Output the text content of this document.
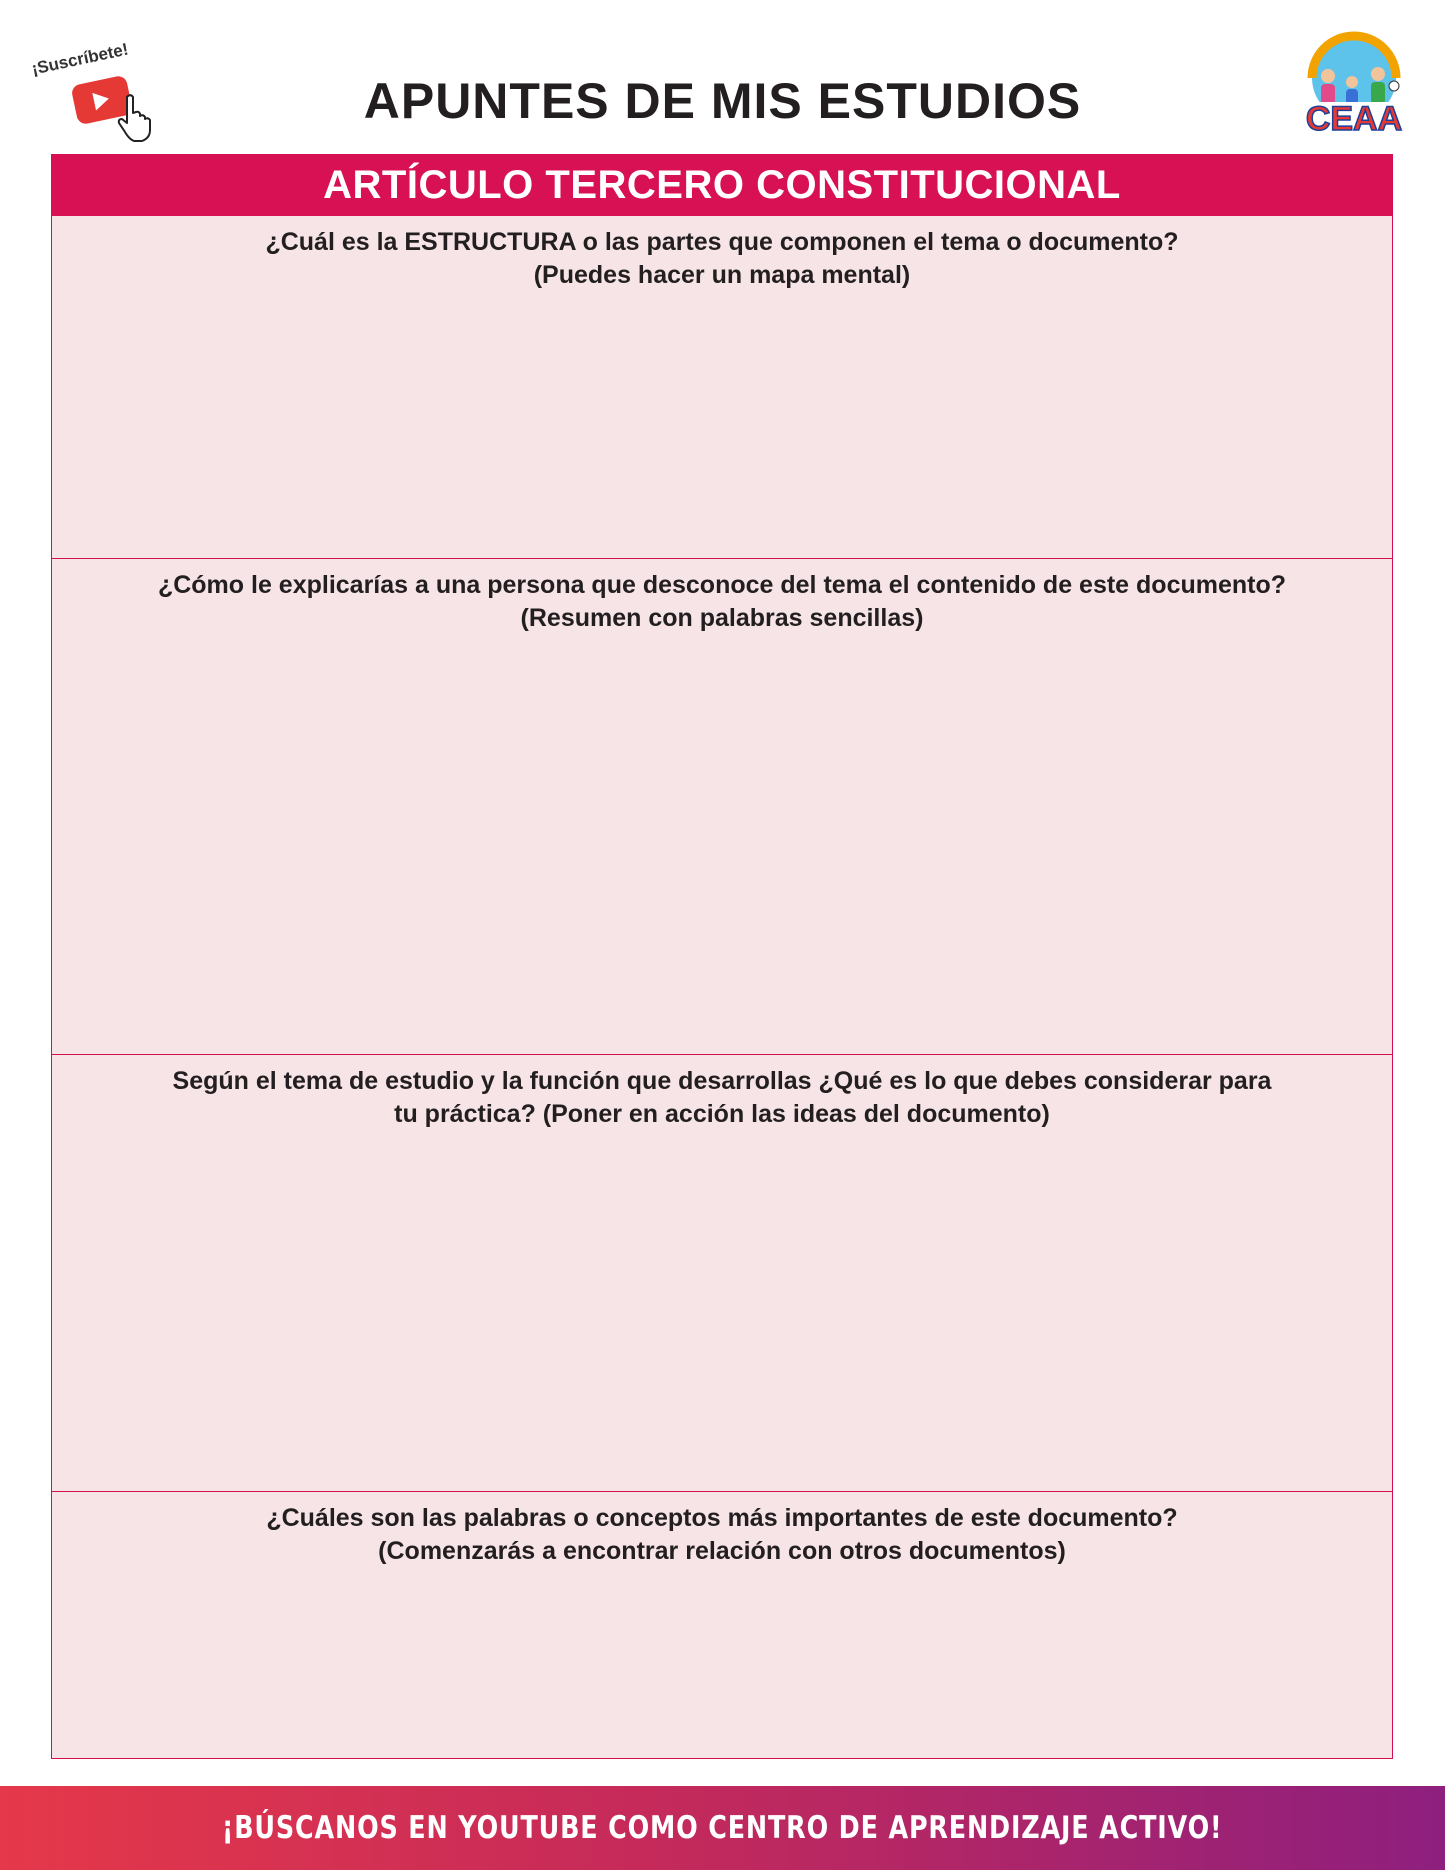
¡Suscríbete!
APUNTES DE MIS ESTUDIOS	CEAA
ARTÍCULO TERCERO CONSTITUCIONAL
¿Cuál es la ESTRUCTURA o las partes que componen el tema o documento?
(Puedes hacer un mapa mental)
¿Cómo le explicarías a una persona que desconoce del tema el contenido de este documento?
(Resumen con palabras sencillas)
Según el tema de estudio y la función que desarrollas ¿Qué es lo que debes considerar para
tu práctica? (Poner en acción las ideas del documento)
¿Cuáles son las palabras o conceptos más importantes de este documento?
(Comenzarás a encontrar relación con otros documentos)
¡BÚSCANOS EN YOUTUBE COMO CENTRO DE APRENDIZAJE ACTIVO!
